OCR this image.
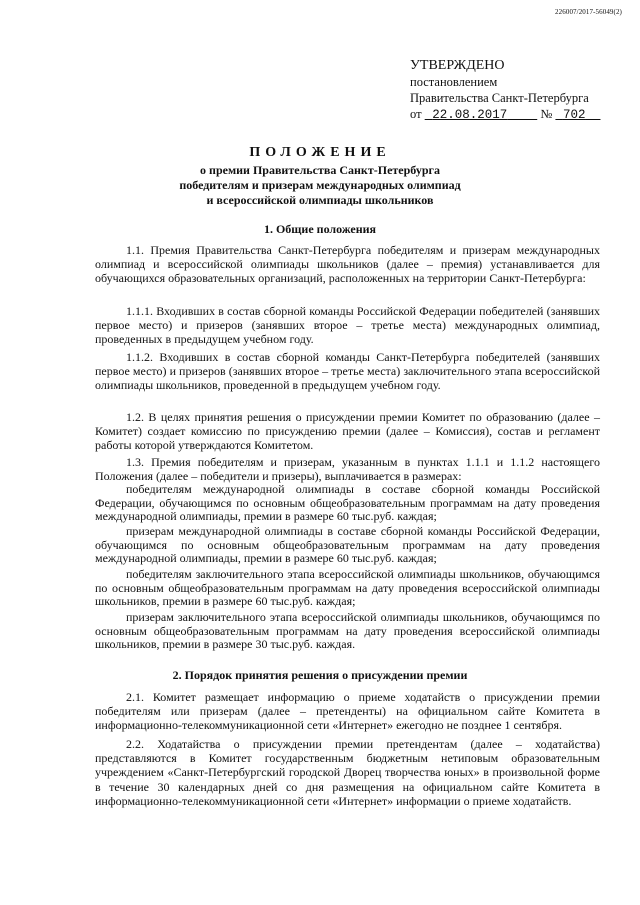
226007/2017-56049(2)
УТВЕРЖДЕНО
постановлением
Правительства Санкт-Петербурга
от 22.08.2017	№ 702
ПОЛОЖЕНИЕ
о премии Правительства Санкт-Петербурга
победителям и призерам международных олимпиад
и всероссийской олимпиады школьников
1. Общие положения

1.1. Премия Правительства Санкт-Петербурга победителям и призерам международных олимпиад и всероссийской олимпиады школьников (далее – премия) устанавливается для обучающихся образовательных организаций, расположенных на территории Санкт-Петербурга:

1.1.1. Входивших в состав сборной команды Российской Федерации победителей (занявших первое место) и призеров (занявших второе – третье места) международных олимпиад, проведенных в предыдущем учебном году.

1.1.2. Входивших в состав сборной команды Санкт-Петербурга победителей (занявших первое место) и призеров (занявших второе – третье места) заключительного этапа всероссийской олимпиады школьников, проведенной в предыдущем учебном году.

1.2. В целях принятия решения о присуждении премии Комитет по образованию (далее – Комитет) создает комиссию по присуждению премии (далее – Комиссия), состав и регламент работы которой утверждаются Комитетом.

1.3. Премия победителям и призерам, указанным в пунктах 1.1.1 и 1.1.2 настоящего Положения (далее – победители и призеры), выплачивается в размерах:

победителям международной олимпиады в составе сборной команды Российской Федерации, обучающимся по основным общеобразовательным программам на дату проведения международной олимпиады, премии в размере 60 тыс.руб. каждая;

призерам международной олимпиады в составе сборной команды Российской Федерации, обучающимся по основным общеобразовательным программам на дату проведения международной олимпиады, премии в размере 60 тыс.руб. каждая;

победителям заключительного этапа всероссийской олимпиады школьников, обучающимся по основным общеобразовательным программам на дату проведения всероссийской олимпиады школьников, премии в размере 60 тыс.руб. каждая;

призерам заключительного этапа всероссийской олимпиады школьников, обучающимся по основным общеобразовательным программам на дату проведения всероссийской олимпиады школьников, премии в размере 30 тыс.руб. каждая.

2. Порядок принятия решения о присуждении премии

2.1. Комитет размещает информацию о приеме ходатайств о присуждении премии победителям или призерам (далее – претенденты) на официальном сайте Комитета в информационно-телекоммуникационной сети «Интернет» ежегодно не позднее 1 сентября.

2.2. Ходатайства о присуждении премии претендентам (далее – ходатайства) представляются в Комитет государственным бюджетным нетиповым образовательным учреждением «Санкт-Петербургский городской Дворец творчества юных» в произвольной форме в течение 30 календарных дней со дня размещения на официальном сайте Комитета в информационно-телекоммуникационной сети «Интернет» информации о приеме ходатайств.
